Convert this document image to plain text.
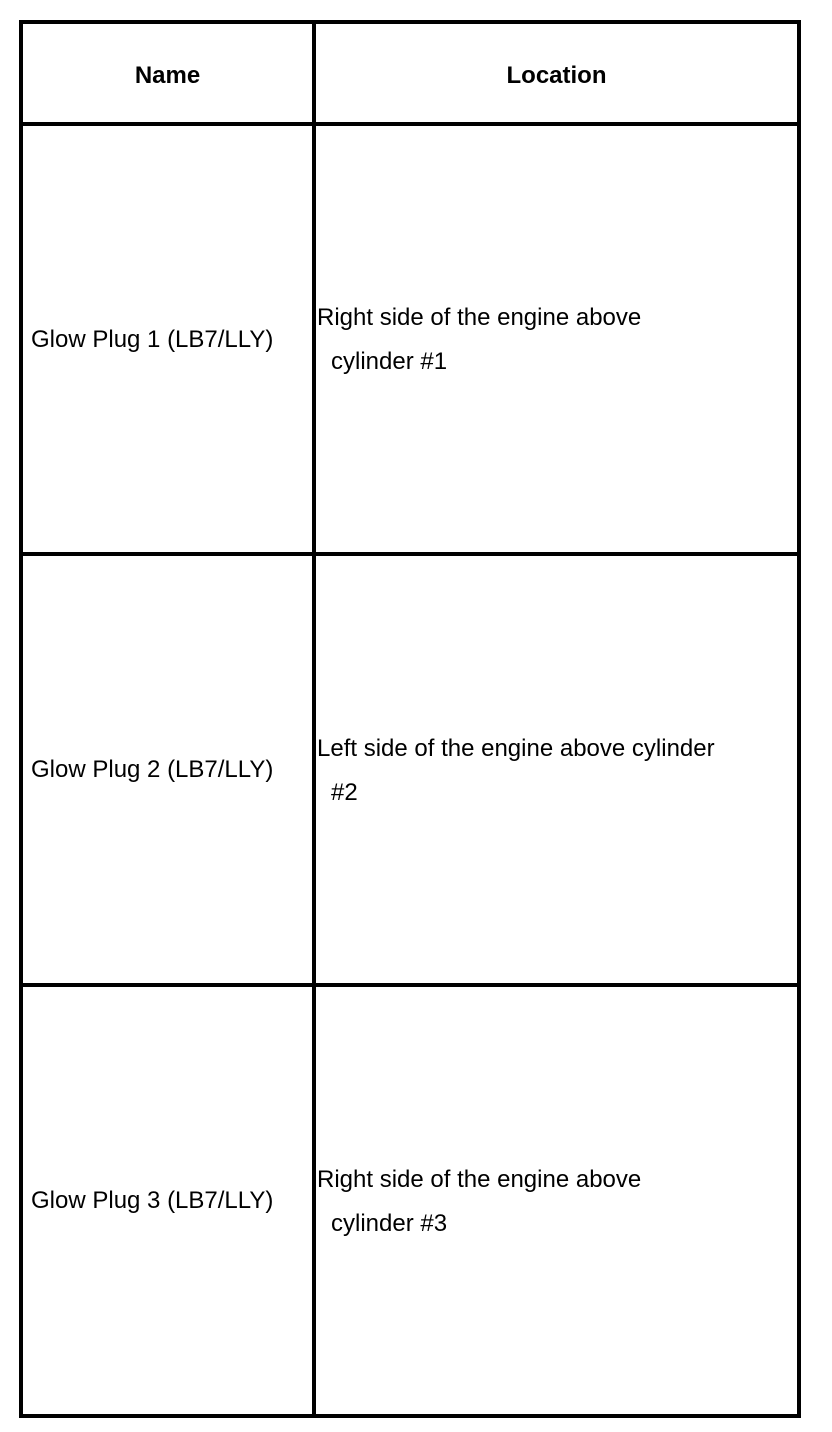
Name	Location
Glow Plug 1 (LB7/LLY)
Right side of the engine above
cylinder #1
Glow Plug 2 (LB7/LLY)
Left side of the engine above cylinder
#2
Glow Plug 3 (LB7/LLY)
Right side of the engine above
cylinder #3
